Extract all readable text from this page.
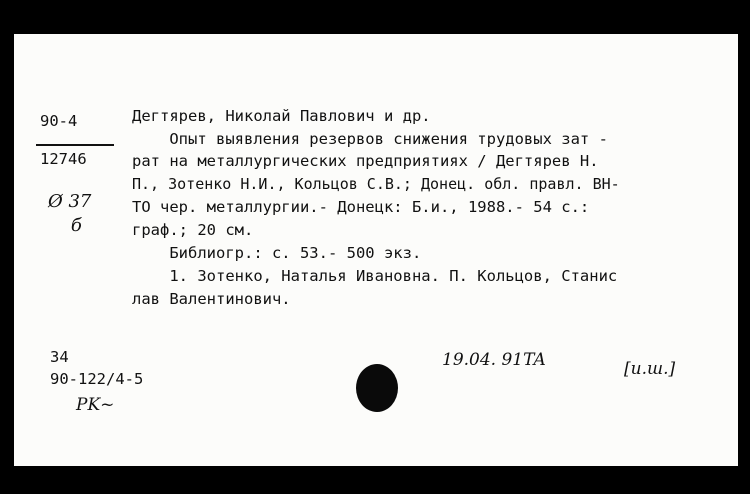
90-4
12746
Ø 37
б
Дегтярев, Николай Павлович и др.
Опыт выявления резервов снижения трудовых зат -
рат на металлургических предприятиях / Дегтярев Н.
П., Зотенко Н.И., Кольцов С.В.; Донец. обл. правл. ВН-
ТО чер. металлургии.- Донецк: Б.и., 1988.- 54 с.:
граф.; 20 см.
Библиогр.: с. 53.- 500 экз.
1. Зотенко, Наталья Ивановна. П. Кольцов, Станис
лав Валентинович.
34
90-122/4-5
PK~
19.04. 91TA	[и.ш.]
